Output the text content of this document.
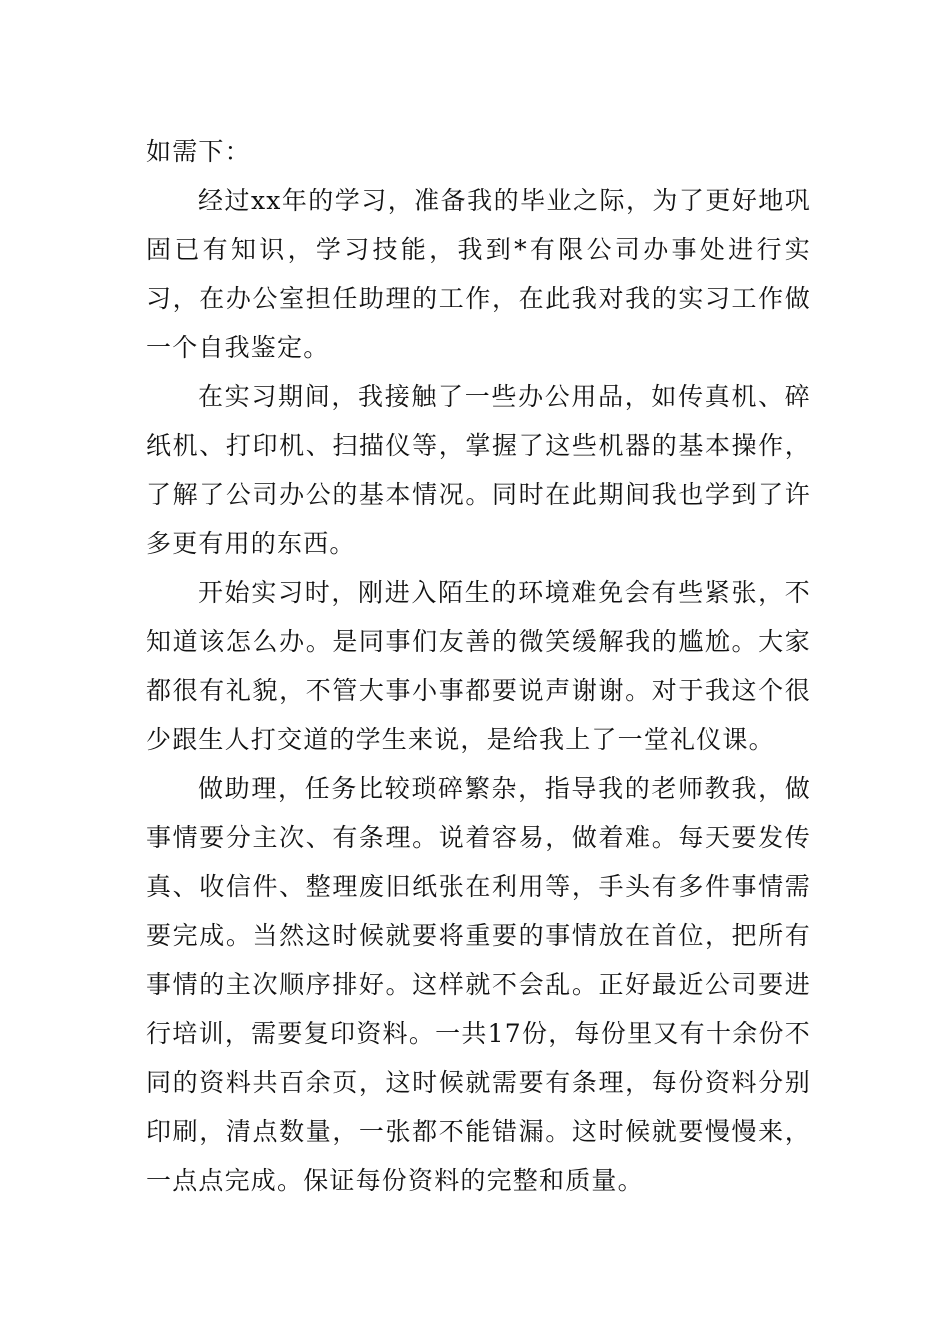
如需下：

经过xx年的学习，准备我的毕业之际，为了更好地巩固已有知识，学习技能，我到*有限公司办事处进行实习，在办公室担任助理的工作，在此我对我的实习工作做一个自我鉴定。

在实习期间，我接触了一些办公用品，如传真机、碎纸机、打印机、扫描仪等，掌握了这些机器的基本操作，了解了公司办公的基本情况。同时在此期间我也学到了许多更有用的东西。

开始实习时，刚进入陌生的环境难免会有些紧张，不知道该怎么办。是同事们友善的微笑缓解我的尴尬。大家都很有礼貌，不管大事小事都要说声谢谢。对于我这个很少跟生人打交道的学生来说，是给我上了一堂礼仪课。

做助理，任务比较琐碎繁杂，指导我的老师教我，做事情要分主次、有条理。说着容易，做着难。每天要发传真、收信件、整理废旧纸张在利用等，手头有多件事情需要完成。当然这时候就要将重要的事情放在首位，把所有事情的主次顺序排好。这样就不会乱。正好最近公司要进行培训，需要复印资料。一共17份，每份里又有十余份不同的资料共百余页，这时候就需要有条理，每份资料分别印刷，清点数量，一张都不能错漏。这时候就要慢慢来，一点点完成。保证每份资料的完整和质量。
